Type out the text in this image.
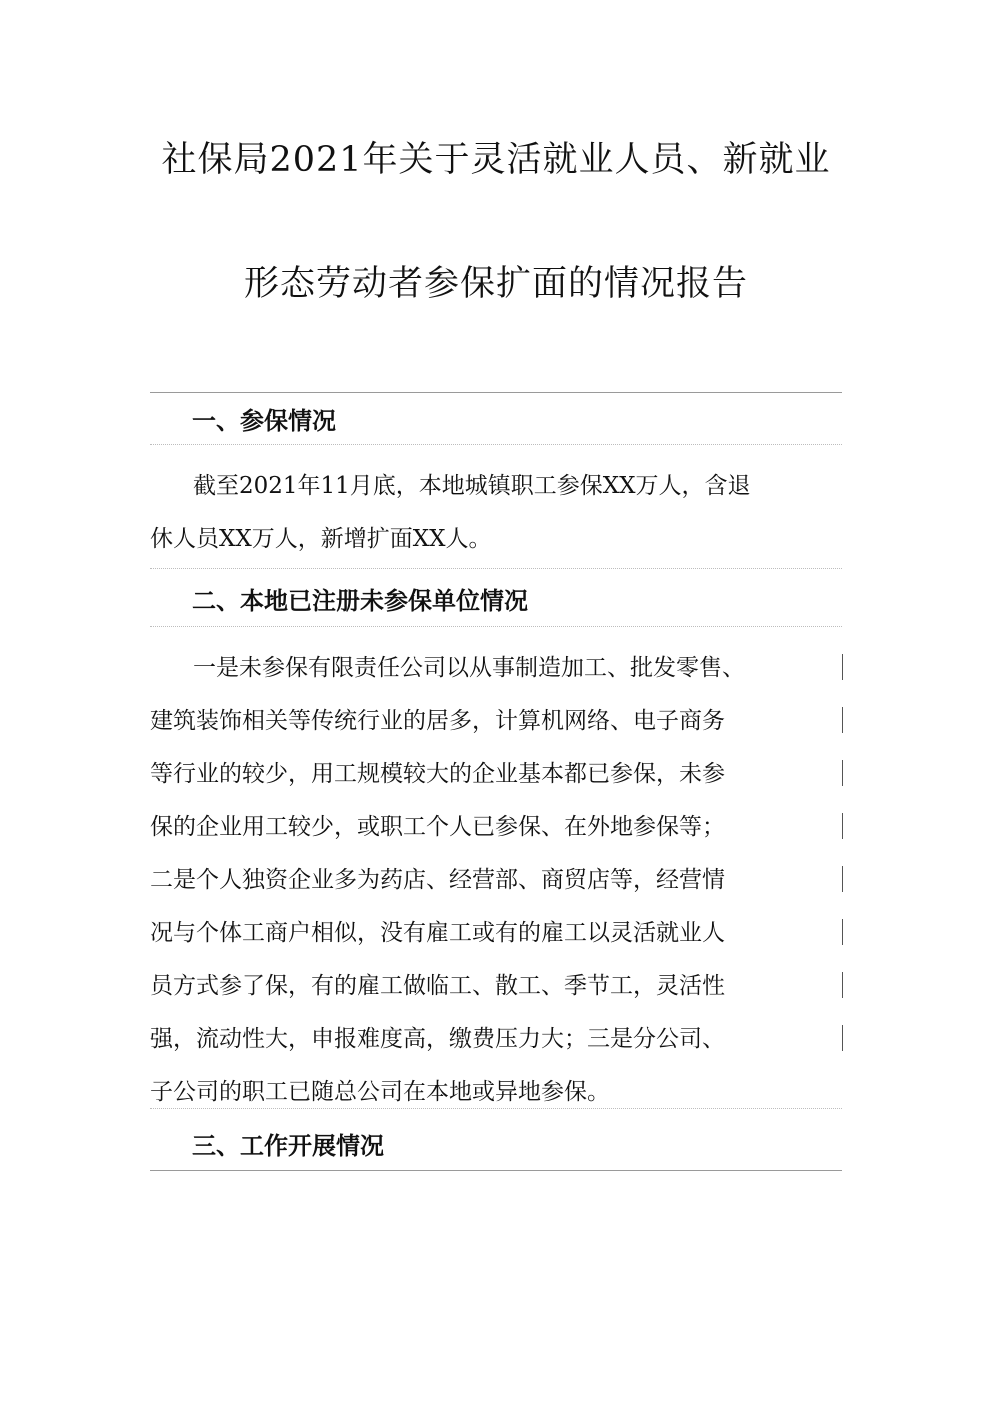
社保局2021年关于灵活就业人员、新就业
形态劳动者参保扩面的情况报告
一、参保情况
截至2021年11月底，本地城镇职工参保XX万人，含退
休人员XX万人，新增扩面XX人。
二、本地已注册未参保单位情况
一是未参保有限责任公司以从事制造加工、批发零售、
建筑装饰相关等传统行业的居多，计算机网络、电子商务
等行业的较少，用工规模较大的企业基本都已参保，未参
保的企业用工较少，或职工个人已参保、在外地参保等；
二是个人独资企业多为药店、经营部、商贸店等，经营情
况与个体工商户相似，没有雇工或有的雇工以灵活就业人
员方式参了保，有的雇工做临工、散工、季节工，灵活性
强，流动性大，申报难度高，缴费压力大；三是分公司、
子公司的职工已随总公司在本地或异地参保。
三、工作开展情况
